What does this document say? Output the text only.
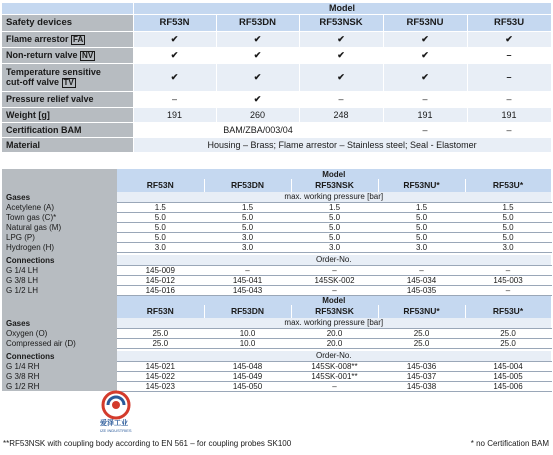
	Model				
Safety devices	RF53N	RF53DN	RF53NSK	RF53NU	RF53U
Flame arrestor FA	✔	✔	✔	✔	✔
Non-return valve NV	✔	✔	✔	✔	–
Temperature sensitive
cut-off valve TV	✔	✔	✔	✔	–
Pressure relief valve	–	✔	–	–	–
Weight [g]	191	260	248	191	191
Certification BAM	BAM/ZBA/003/04			–	–
Material	Housing – Brass; Flame arrestor – Stainless steel; Seal - Elastomer				
	Model				
	RF53N	RF53DN	RF53NSK	RF53NU*	RF53U*
Gases	max. working pressure [bar]				
Acetylene (A)	1.5	1.5	1.5	1.5	1.5
Town gas (C)*	5.0	5.0	5.0	5.0	5.0
Natural gas (M)	5.0	5.0	5.0	5.0	5.0
LPG (P)	5.0	3.0	5.0	5.0	5.0
Hydrogen (H)	3.0	3.0	3.0	3.0	3.0

Connections	Order-No.				
G 1/4 LH	145-009	–	–	–	–
G 3/8 LH	145-012	145-041	145SK-002	145-034	145-003
G 1/2 LH	145-016	145-043	–	145-035	–
	Model				
	RF53N	RF53DN	RF53NSK	RF53NU*	RF53U*
Gases	max. working pressure [bar]				
Oxygen (O)	25.0	10.0	20.0	25.0	25.0
Compressed air (D)	25.0	10.0	20.0	25.0	25.0

Connections	Order-No.				
G 1/4 RH	145-021	145-048	145SK-008**	145-036	145-004
G 3/8 RH	145-022	145-049	145SK-001**	145-037	145-005
G 1/2 RH	145-023	145-050	–	145-038	145-006
爱泽工业
IZE INDUSTRIES
**RF53NSK with coupling body according to EN 561 – for coupling probes SK100	* no Certification BAM
